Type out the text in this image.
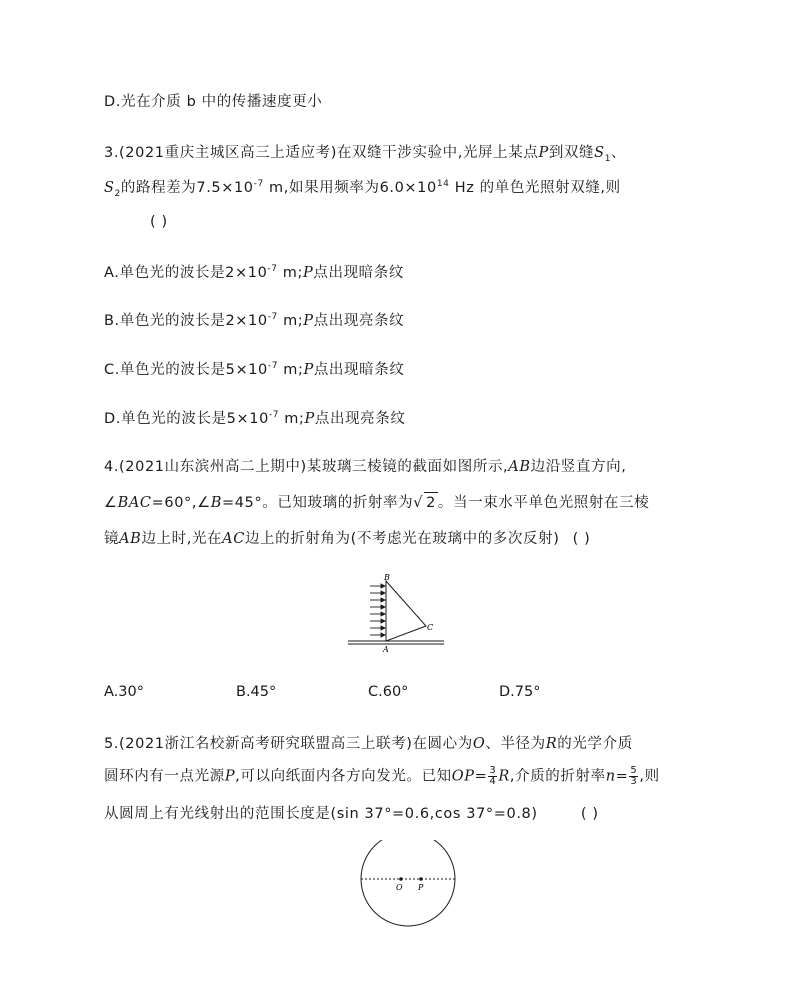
D.光在介质 b 中的传播速度更小
3.(2021重庆主城区高三上适应考)在双缝干涉实验中,光屏上某点P到双缝$S_1$、
$S_2$的路程差为$7.5\times 10^{-7}$ m,如果用频率为$6.0\times 10^{14}$ Hz 的单色光照射双缝,则
( )
A.单色光的波长是$2\times 10^{-7}$ m;P点出现暗条纹
B.单色光的波长是$2\times 10^{-7}$ m;P点出现亮条纹
C.单色光的波长是$5\times 10^{-7}$ m;P点出现暗条纹
D.单色光的波长是$5\times 10^{-7}$ m;P点出现亮条纹
4.(2021山东滨州高二上期中)某玻璃三棱镜的截面如图所示,AB边沿竖直方向,
∠BAC=60°,∠B=45°。已知玻璃的折射率为√ 2 。当一束水平单色光照射在三棱
镜AB边上时,光在AC边上的折射角为(不考虑光在玻璃中的多次反射) ( )
B
A
C
A.30°	B.45°	C.60°	D.75°
5.(2021浙江名校新高考研究联盟高三上联考)在圆心为O、半径为R的光学介质
圆环内有一点光源P,可以向纸面内各方向发光。已知$OP= \frac{3}{4} R$,介质的折射率$n= \frac{5}{3}$ ,则
从圆周上有光线射出的范围长度是(sin 37°=0.6,cos 37°=0.8)	( )
O P
